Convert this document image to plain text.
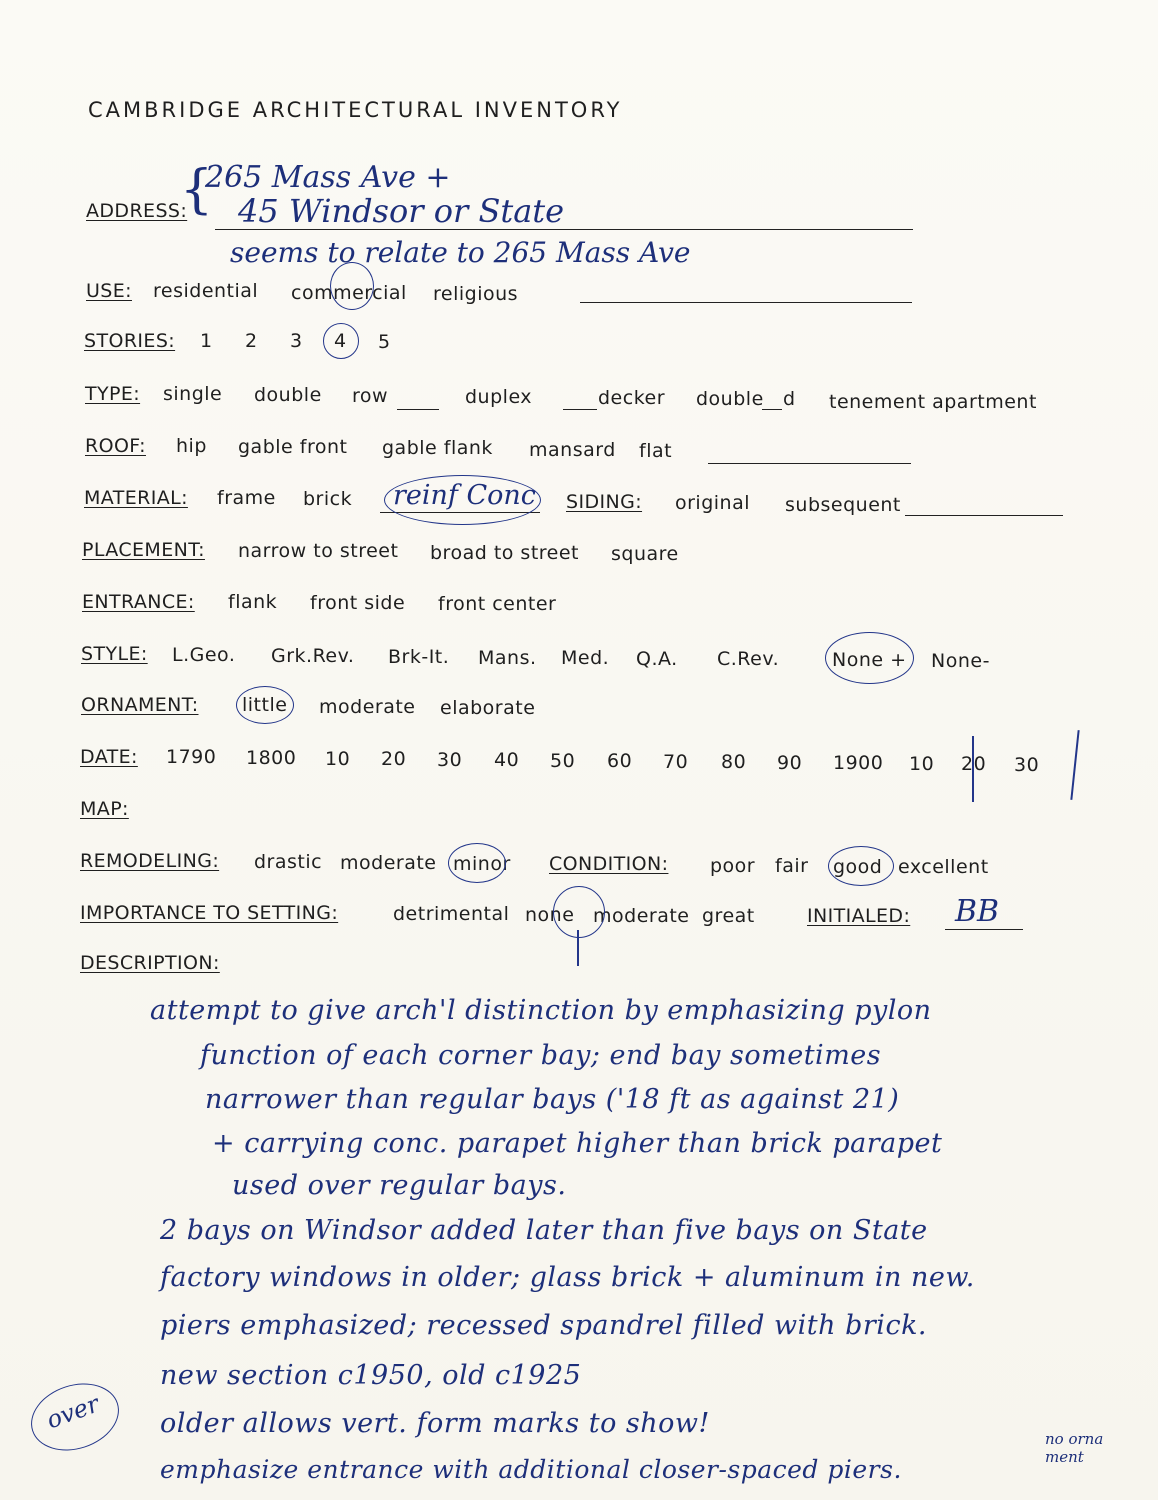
CAMBRIDGE ARCHITECTURAL INVENTORY
ADDRESS:
{
265 Mass Ave +
45 Windsor or State
seems to relate to 265 Mass Ave
USE: residential commercial religious
STORIES: 1 2 3 4 5
TYPE: single double row	duplex	decker double d tenement apartment
ROOF: hip gable front gable flank mansard flat
MATERIAL: frame brick reinf Conc SIDING: original subsequent
PLACEMENT: narrow to street broad to street square
ENTRANCE: flank front side front center
STYLE: L.Geo. Grk.Rev. Brk-It. Mans. Med. Q.A. C.Rev.	None + None-
ORNAMENT: little moderate elaborate
DATE: 1790 1800 10 20 30 40 50 60 70 80 90 1900 10 20 30
MAP:
REMODELING: drastic moderate minor CONDITION: poor fair good excellent
IMPORTANCE TO SETTING:	detrimental none moderate great	INITIALED: BB
DESCRIPTION:
attempt to give arch'l distinction by emphasizing pylon
function of each corner bay; end bay sometimes
narrower than regular bays ('18 ft as against 21)
+ carrying conc. parapet higher than brick parapet
used over regular bays.
2 bays on Windsor added later than five bays on State
factory windows in older; glass brick + aluminum in new.
piers emphasized; recessed spandrel filled with brick.
new section c1950, old c1925
older allows vert. form marks to show!
emphasize entrance with additional closer-spaced piers.
over
no orna ment
